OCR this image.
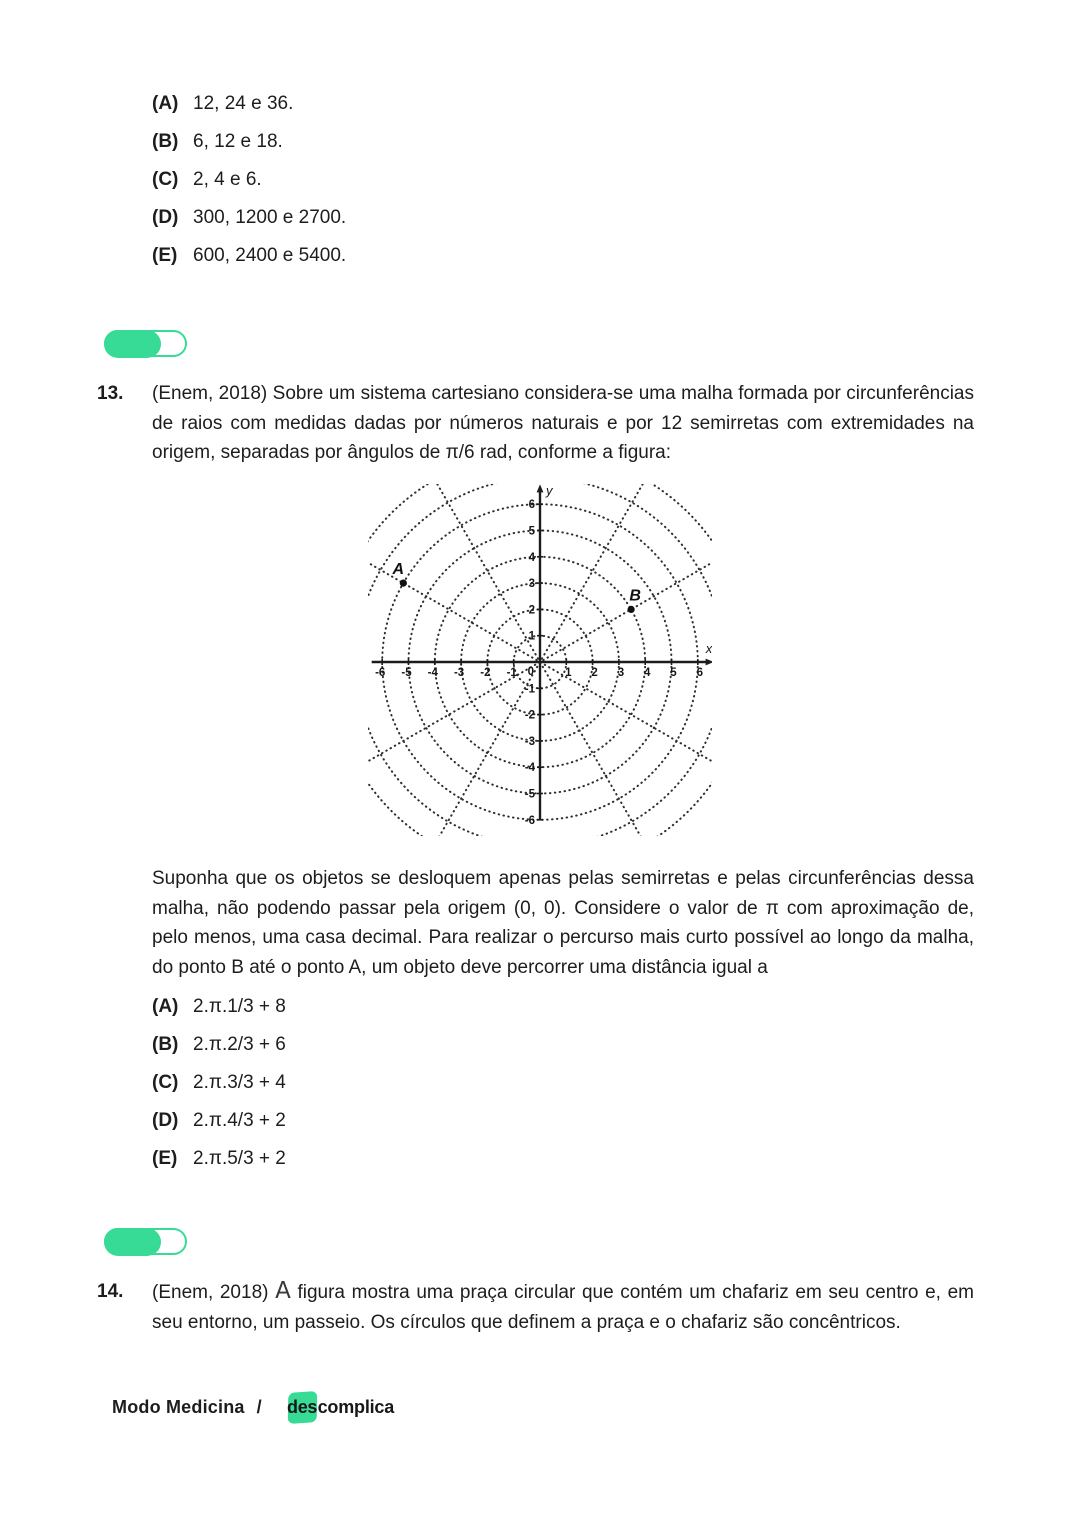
(A) 12, 24 e 36.
(B) 6, 12 e 18.
(C) 2, 4 e 6.
(D) 300, 1200 e 2700.
(E) 600, 2400 e 5400.
13.	(Enem, 2018) Sobre um sistema cartesiano considera-se uma malha formada por circunferências de raios com medidas dadas por números naturais e por 12 semirretas com extremidades na origem, separadas por ângulos de π/6 rad, conforme a figura:
x
y
-6 -5 -4 -3 -2 -1 0	1 2 3 4 5 6
6
5
4
3
2
1
-1
-2
-3
-4
-5
-6
A
B
Suponha que os objetos se desloquem apenas pelas semirretas e pelas circunferências dessa malha, não podendo passar pela origem (0, 0). Considere o valor de π com aproximação de, pelo menos, uma casa decimal. Para realizar o percurso mais curto possível ao longo da malha, do ponto B até o ponto A, um objeto deve percorrer uma distância igual a
(A) 2.π.1/3 + 8
(B) 2.π.2/3 + 6
(C) 2.π.3/3 + 4
(D) 2.π.4/3 + 2
(E) 2.π.5/3 + 2
14.	(Enem, 2018) A figura mostra uma praça circular que contém um chafariz em seu centro e, em seu entorno, um passeio. Os círculos que definem a praça e o chafariz são concêntricos.
Modo Medicina / des complica
